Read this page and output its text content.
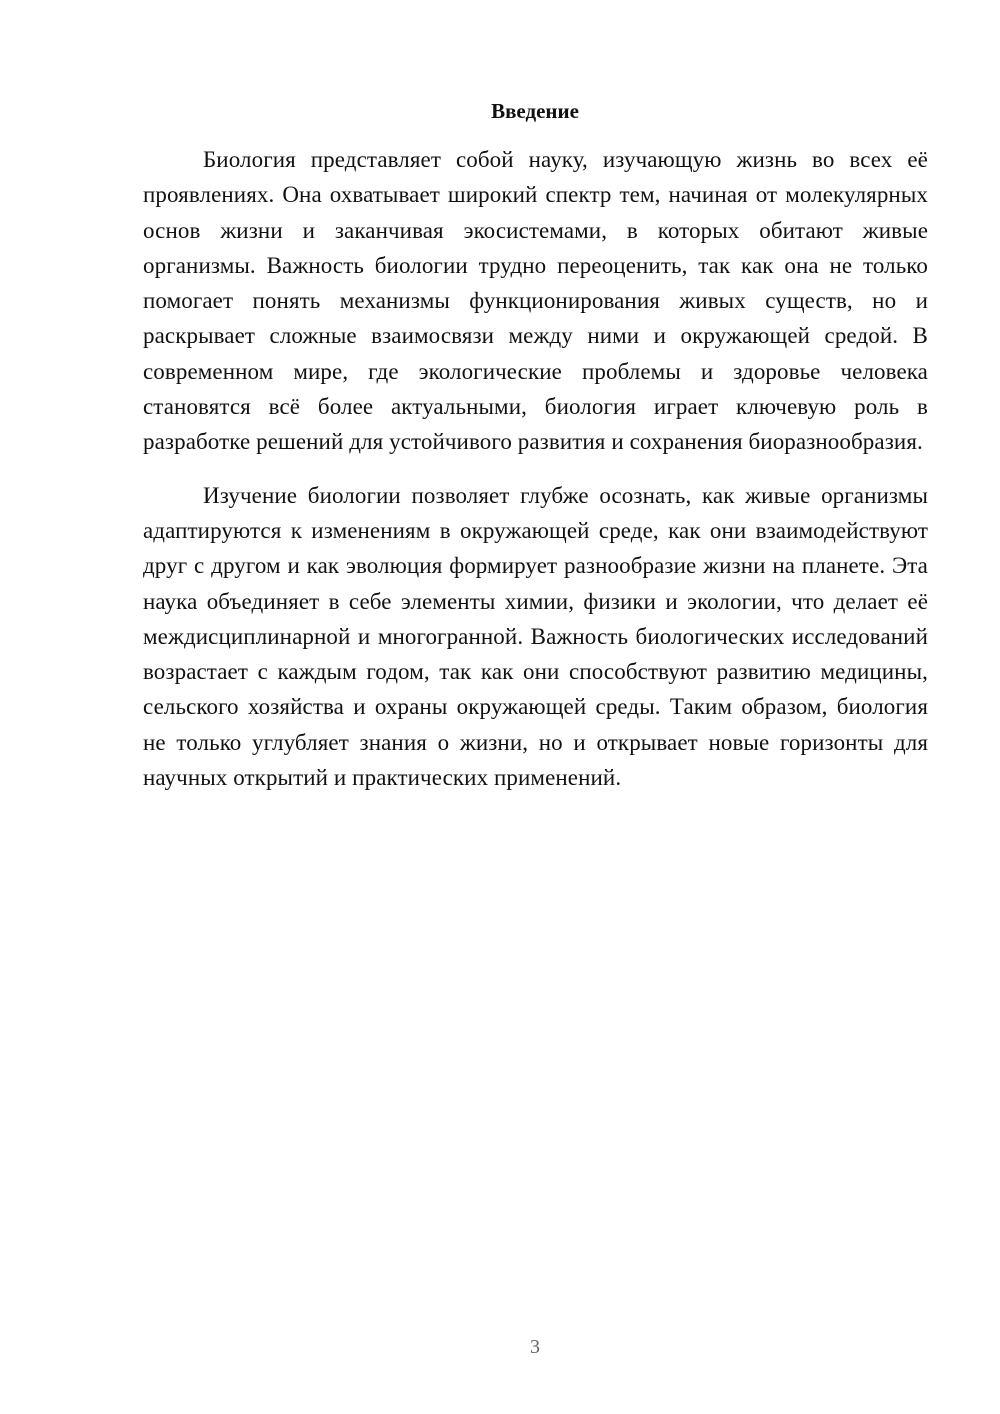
Введение

Биология представляет собой науку, изучающую жизнь во всех её проявлениях. Она охватывает широкий спектр тем, начиная от молекулярных основ жизни и заканчивая экосистемами, в которых обитают живые организмы. Важность биологии трудно переоценить, так как она не только помогает понять механизмы функционирования живых существ, но и раскрывает сложные взаимосвязи между ними и окружающей средой. В современном мире, где экологические проблемы и здоровье человека становятся всё более актуальными, биология играет ключевую роль в разработке решений для устойчивого развития и сохранения биоразнообразия.

Изучение биологии позволяет глубже осознать, как живые организмы адаптируются к изменениям в окружающей среде, как они взаимодействуют друг с другом и как эволюция формирует разнообразие жизни на планете. Эта наука объединяет в себе элементы химии, физики и экологии, что делает её междисциплинарной и многогранной. Важность биологических исследований возрастает с каждым годом, так как они способствуют развитию медицины, сельского хозяйства и охраны окружающей среды. Таким образом, биология не только углубляет знания о жизни, но и открывает новые горизонты для научных открытий и практических применений.

3
